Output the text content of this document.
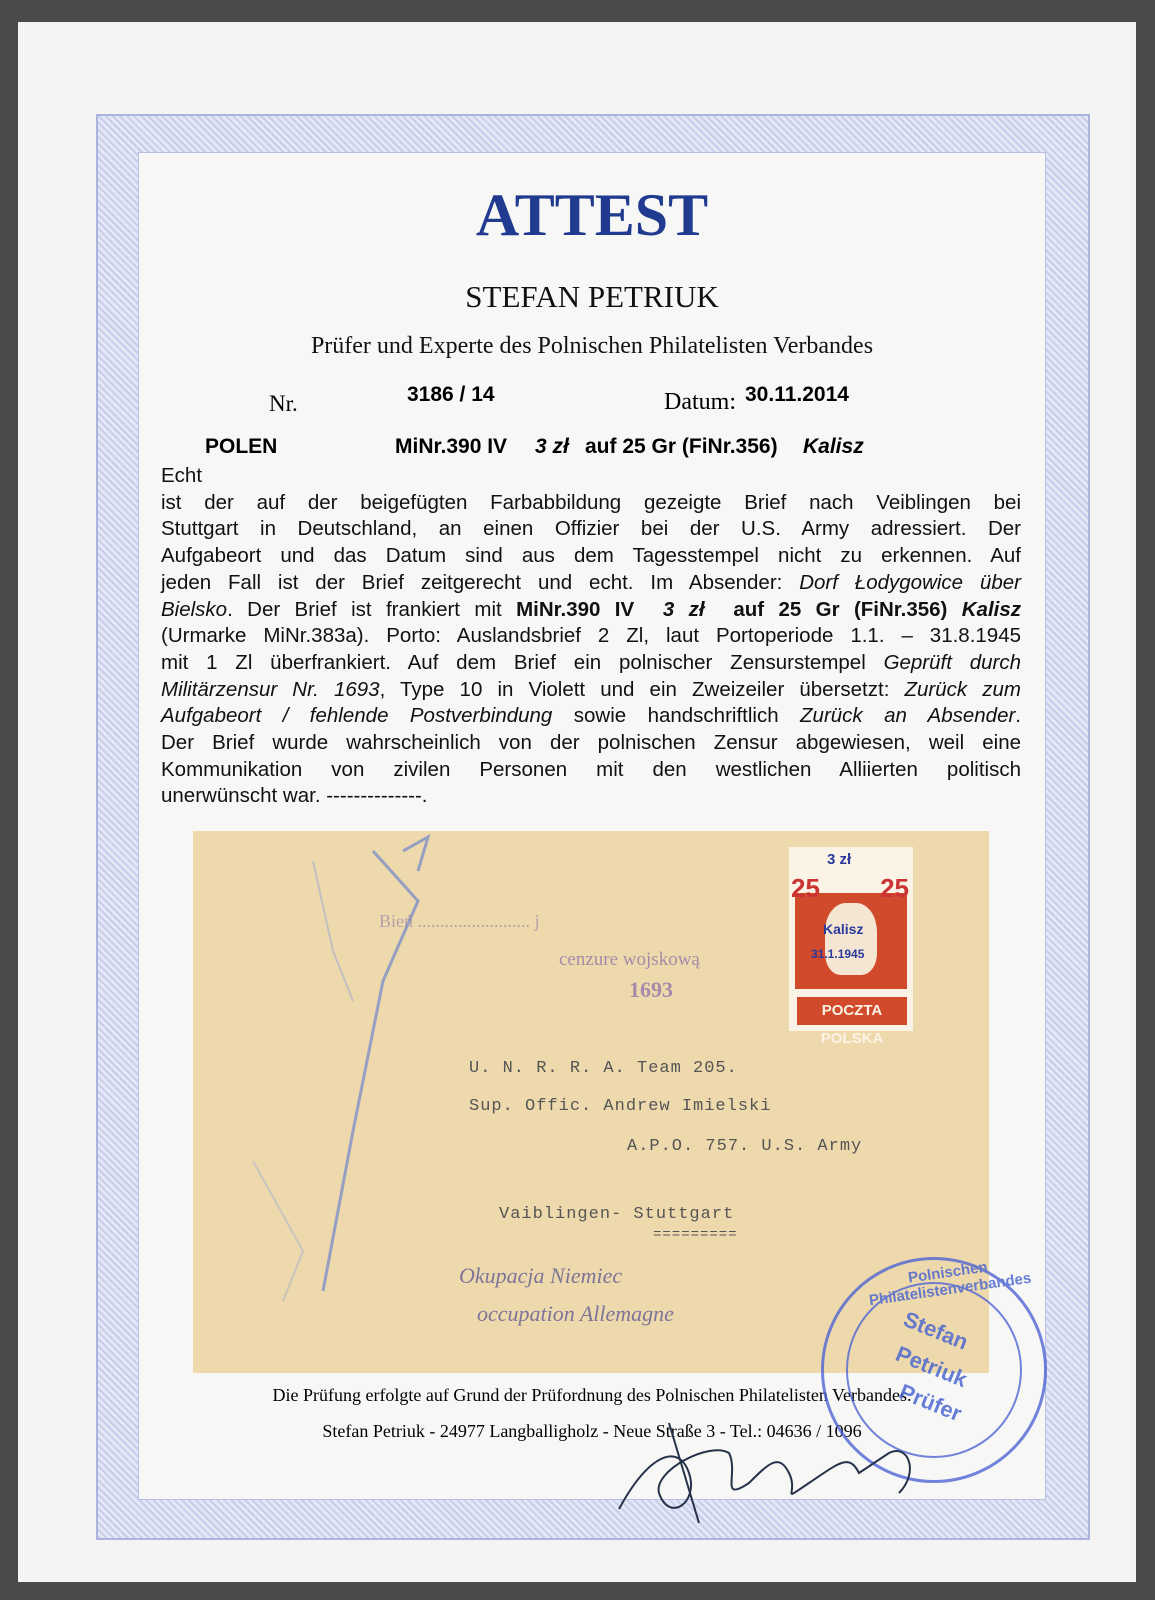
ATTEST
STEFAN PETRIUK
Prüfer und Experte des Polnischen Philatelisten Verbandes
Nr.	3186 / 14	Datum: 30.11.2014
POLEN	MiNr.390 IV 3 zł auf 25 Gr (FiNr.356) Kalisz

Echt

ist der auf der beigefügten Farbabbildung gezeigte Brief nach Veiblingen bei

Stuttgart in Deutschland, an einen Offizier bei der U.S. Army adressiert. Der

Aufgabeort und das Datum sind aus dem Tagesstempel nicht zu erkennen. Auf

jeden Fall ist der Brief zeitgerecht und echt. Im Absender: Dorf Łodygowice über

Bielsko. Der Brief ist frankiert mit MiNr.390 IV 3 zł auf 25 Gr (FiNr.356) Kalisz

(Urmarke MiNr.383a). Porto: Auslandsbrief 2 Zl, laut Portoperiode 1.1. – 31.8.1945

mit 1 Zl überfrankiert. Auf dem Brief ein polnischer Zensurstempel Geprüft durch

Militärzensur Nr. 1693, Type 10 in Violett und ein Zweizeiler übersetzt: Zurück zum

Aufgabeort / fehlende Postverbindung sowie handschriftlich Zurück an Absender.

Der Brief wurde wahrscheinlich von der polnischen Zensur abgewiesen, weil eine

Kommunikation von zivilen Personen mit den westlichen Alliierten politisch

unerwünscht war. --------------.

Bień ......................... j
cenzure wojskową
1693
25 25
3 zł
Kalisz
31.1.1945
POCZTA POLSKA
U. N. R. R. A. Team 205.
Sup. Offic. Andrew Imielski
A.P.O. 757. U.S. Army
Vaiblingen- Stuttgart
=========
Okupacja Niemiec
occupation Allemagne
Die Prüfung erfolgte auf Grund der Prüfordnung des Polnischen Philatelisten Verbandes.
Stefan Petriuk - 24977 Langballigholz - Neue Straße 3 - Tel.: 04636 / 1096
Polnischen Philatelistenverbandes
Stefan
Petriuk
Prüfer
